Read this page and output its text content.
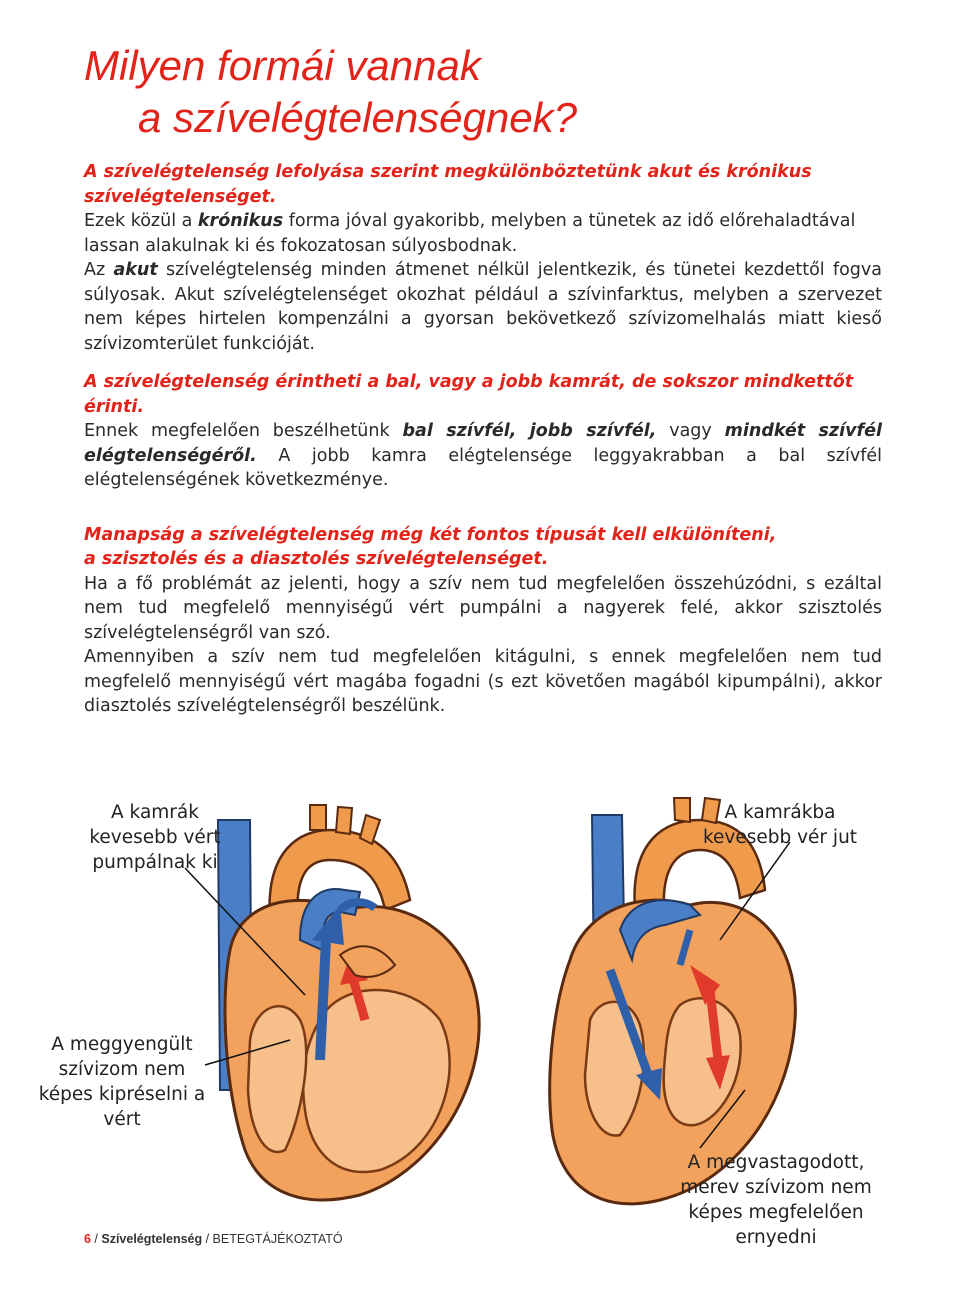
Milyen formái vannak
a szívelégtelenségnek?

A szívelégtelenség lefolyása szerint megkülönböztetünk akut és krónikus szívelégtelenséget.

Ezek közül a krónikus forma jóval gyakoribb, melyben a tünetek az idő előrehaladtával lassan alakulnak ki és fokozatosan súlyosbodnak.

Az akut szívelégtelenség minden átmenet nélkül jelentkezik, és tünetei kezdettől fogva súlyosak. Akut szívelégtelenséget okozhat például a szívinfarktus, melyben a szervezet nem képes hirtelen kompenzálni a gyorsan bekövetkező szívizomelhalás miatt kieső szívizomterület funkcióját.

A szívelégtelenség érintheti a bal, vagy a jobb kamrát, de sokszor mindkettőt érinti.

Ennek megfelelően beszélhetünk bal szívfél, jobb szívfél, vagy mindkét szívfél elégtelenségéről. A jobb kamra elégtelensége leggyakrabban a bal szívfél elégtelenségének következménye.

Manapság a szívelégtelenség még két fontos típusát kell elkülöníteni,
a szisztolés és a diasztolés szívelégtelenséget.

Ha a fő problémát az jelenti, hogy a szív nem tud megfelelően összehúzódni, s ezáltal nem tud megfelelő mennyiségű vért pumpálni a nagyerek felé, akkor szisztolés szívelégtelenségről van szó.

Amennyiben a szív nem tud megfelelően kitágulni, s ennek megfelelően nem tud megfelelő mennyiségű vért magába fogadni (s ezt követően magából kipumpálni), akkor diasztolés szívelégtelenségről beszélünk.

A kamrák kevesebb vért pumpálnak ki
A kamrákba kevesebb vér jut
A meggyengült szívizom nem képes kipréselni a vért
A megvastagodott, merev szívizom nem képes megfelelően ernyedni
6 / Szívelégtelenség / BETEGTÁJÉKOZTATÓ
